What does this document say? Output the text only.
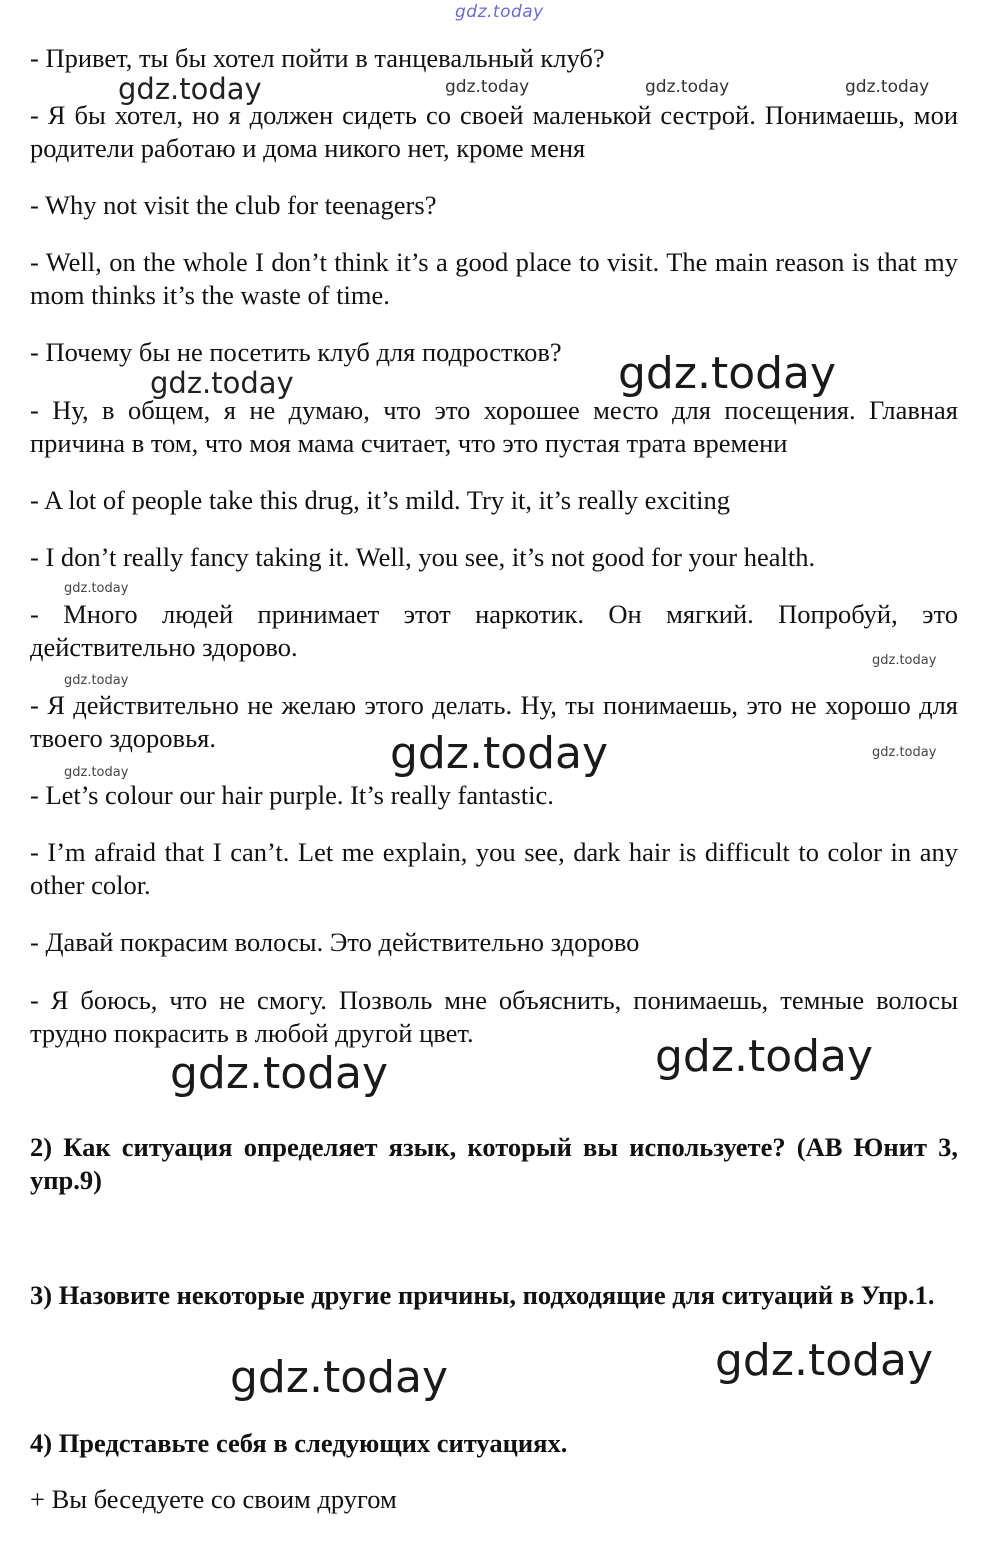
- Привет, ты бы хотел пойти в танцевальный клуб?

- Я бы хотел, но я должен сидеть со своей маленькой сестрой. Понимаешь, мои родители работаю и дома никого нет, кроме меня

- Why not visit the club for teenagers?

- Well, on the whole I don’t think it’s a good place to visit. The main reason is that my mom thinks it’s the waste of time.

- Почему бы не посетить клуб для подростков?

- Ну, в общем, я не думаю, что это хорошее место для посещения. Главная причина в том, что моя мама считает, что это пустая трата времени

- A lot of people take this drug, it’s mild. Try it, it’s really exciting

- I don’t really fancy taking it. Well, you see, it’s not good for your health.

- Много людей принимает этот наркотик. Он мягкий. Попробуй, это действительно здорово.

- Я действительно не желаю этого делать. Ну, ты понимаешь, это не хорошо для твоего здоровья.

- Let’s colour our hair purple. It’s really fantastic.

- I’m afraid that I can’t. Let me explain, you see, dark hair is difficult to color in any other color.

- Давай покрасим волосы. Это действительно здорово

- Я боюсь, что не смогу. Позволь мне объяснить, понимаешь, темные волосы трудно покрасить в любой другой цвет.

2) Как ситуация определяет язык, который вы используете? (AB Юнит 3, упр.9)

3) Назовите некоторые другие причины, подходящие для ситуаций в Упр.1.

4) Представьте себя в следующих ситуациях.

+ Вы беседуете со своим другом

gdz.today
gdz.today	gdz.today	gdz.today	gdz.today
gdz.today	gdz.today
gdz.today
gdz.today
gdz.today
gdz.today	gdz.today
gdz.today
gdz.today
gdz.today
gdz.today
gdz.today
